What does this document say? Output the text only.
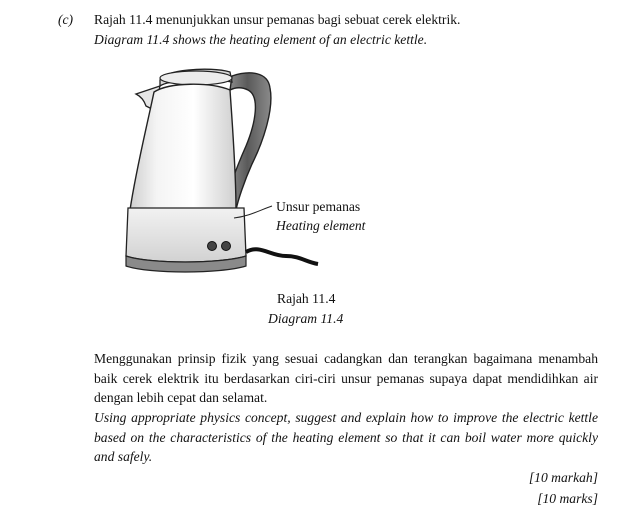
(c) Rajah 11.4 menunjukkan unsur pemanas bagi sebuat cerek elektrik.
Diagram 11.4 shows the heating element of an electric kettle.
Unsur pemanas
Heating element
Rajah 11.4
Diagram 11.4
Menggunakan prinsip fizik yang sesuai cadangkan dan terangkan bagaimana menambah baik cerek elektrik itu berdasarkan ciri-ciri unsur pemanas supaya dapat mendidihkan air dengan lebih cepat dan selamat.
Using appropriate physics concept, suggest and explain how to improve the electric kettle based on the characteristics of the heating element so that it can boil water more quickly and safely.
[10 markah]
[10 marks]
